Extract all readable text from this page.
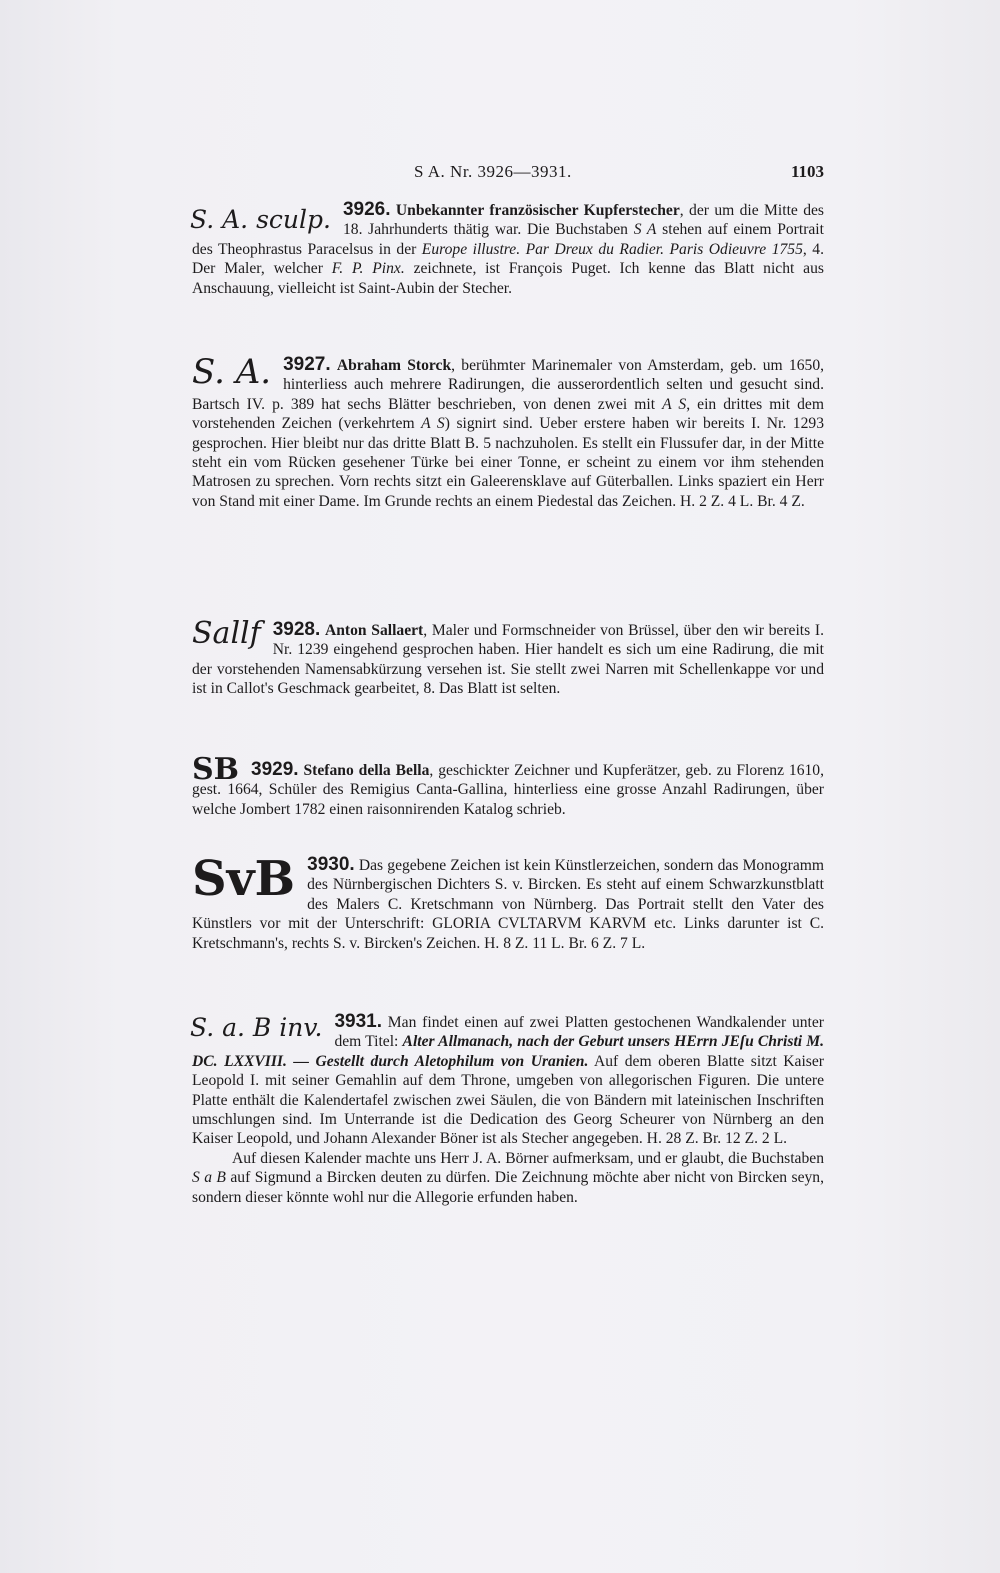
S A. Nr. 3926—3931.	1103

S. A. sculp. 3926. Unbekannter französischer Kupferstecher, der um die Mitte des 18. Jahrhunderts thätig war. Die Buchstaben S A stehen auf einem Portrait des Theophrastus Paracelsus in der Europe illustre. Par Dreux du Radier. Paris Odieuvre 1755, 4. Der Maler, welcher F. P. Pinx. zeichnete, ist François Puget. Ich kenne das Blatt nicht aus Anschauung, vielleicht ist Saint-Aubin der Stecher.

S. A. 3927. Abraham Storck, berühmter Marinemaler von Amsterdam, geb. um 1650, hinterliess auch mehrere Radirungen, die ausserordentlich selten und gesucht sind. Bartsch IV. p. 389 hat sechs Blätter beschrieben, von denen zwei mit A S, ein drittes mit dem vorstehenden Zeichen (verkehrtem A S) signirt sind. Ueber erstere haben wir bereits I. Nr. 1293 gesprochen. Hier bleibt nur das dritte Blatt B. 5 nachzuholen. Es stellt ein Flussufer dar, in der Mitte steht ein vom Rücken gesehener Türke bei einer Tonne, er scheint zu einem vor ihm stehenden Matrosen zu sprechen. Vorn rechts sitzt ein Galeerensklave auf Güterballen. Links spaziert ein Herr von Stand mit einer Dame. Im Grunde rechts an einem Piedestal das Zeichen. H. 2 Z. 4 L. Br. 4 Z.

Sallf 3928. Anton Sallaert, Maler und Formschneider von Brüssel, über den wir bereits I. Nr. 1239 eingehend gesprochen haben. Hier handelt es sich um eine Radirung, die mit der vorstehenden Namensabkürzung versehen ist. Sie stellt zwei Narren mit Schellenkappe vor und ist in Callot's Geschmack gearbeitet, 8. Das Blatt ist selten.

SB 3929. Stefano della Bella, geschickter Zeichner und Kupferätzer, geb. zu Florenz 1610, gest. 1664, Schüler des Remigius Canta-Gallina, hinterliess eine grosse Anzahl Radirungen, über welche Jombert 1782 einen raisonnirenden Katalog schrieb.

SvB 3930. Das gegebene Zeichen ist kein Künstlerzeichen, sondern das Monogramm des Nürnbergischen Dichters S. v. Bircken. Es steht auf einem Schwarzkunstblatt des Malers C. Kretschmann von Nürnberg. Das Portrait stellt den Vater des Künstlers vor mit der Unterschrift: GLORIA CVLTARVM KARVM etc. Links darunter ist C. Kretschmann's, rechts S. v. Bircken's Zeichen. H. 8 Z. 11 L. Br. 6 Z. 7 L.

S. a. B inv. 3931. Man findet einen auf zwei Platten gestochenen Wandkalender unter dem Titel: Alter Allmanach, nach der Geburt unsers HErrn JEſu Christi M. DC. LXXVIII. — Gestellt durch Aletophilum von Uranien. Auf dem oberen Blatte sitzt Kaiser Leopold I. mit seiner Gemahlin auf dem Throne, umgeben von allegorischen Figuren. Die untere Platte enthält die Kalendertafel zwischen zwei Säulen, die von Bändern mit lateinischen Inschriften umschlungen sind. Im Unterrande ist die Dedication des Georg Scheurer von Nürnberg an den Kaiser Leopold, und Johann Alexander Böner ist als Stecher angegeben. H. 28 Z. Br. 12 Z. 2 L.

Auf diesen Kalender machte uns Herr J. A. Börner aufmerksam, und er glaubt, die Buchstaben S a B auf Sigmund a Bircken deuten zu dürfen. Die Zeichnung möchte aber nicht von Bircken seyn, sondern dieser könnte wohl nur die Allegorie erfunden haben.
